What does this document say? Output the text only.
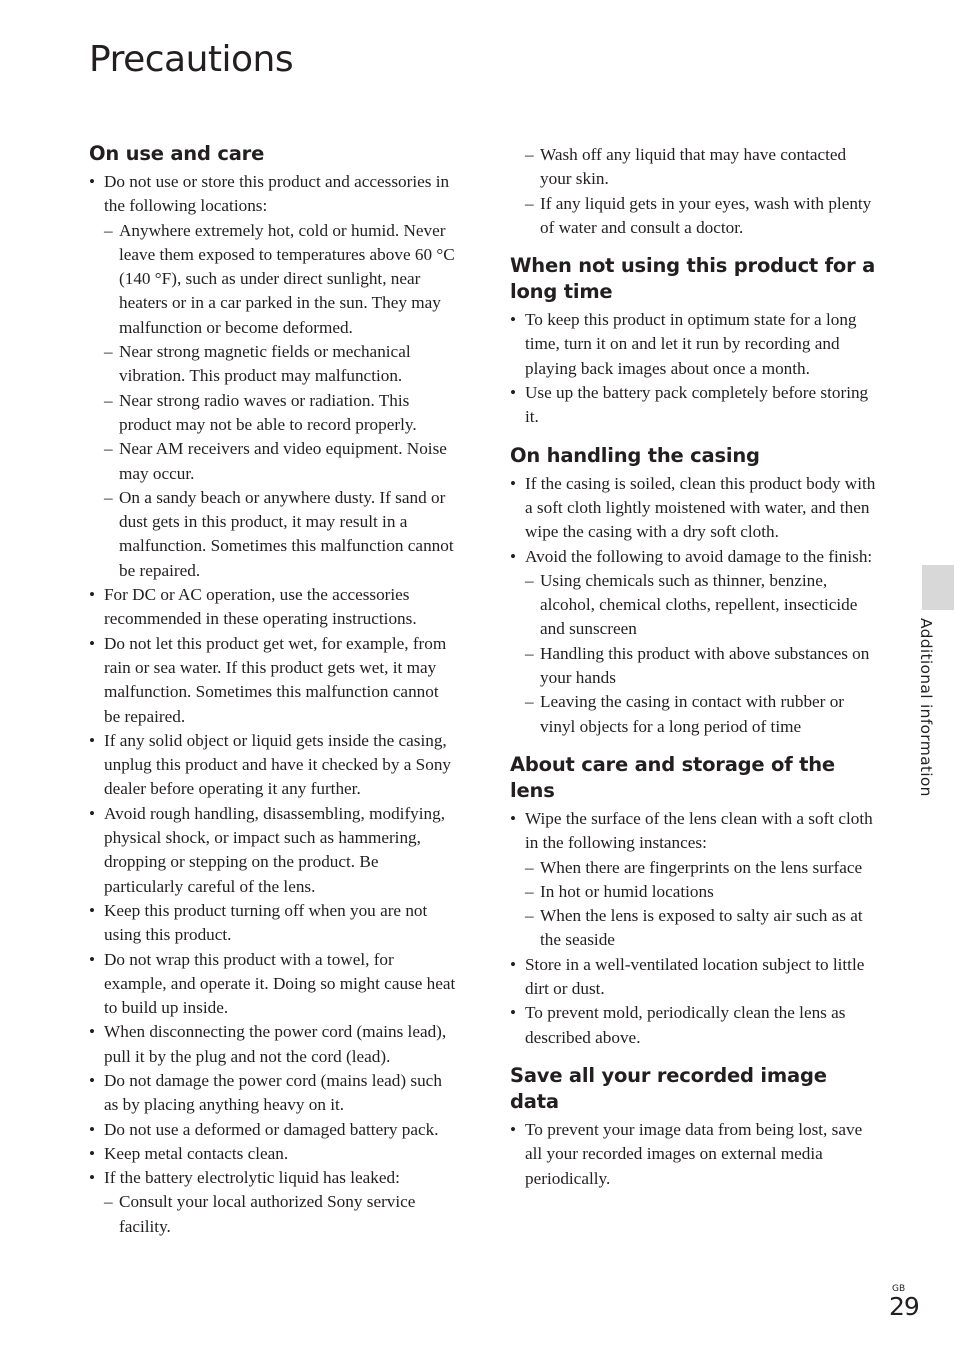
Precautions
On use and care
• Do not use or store this product and accessories in the following locations:
– Anywhere extremely hot, cold or humid. Never leave them exposed to temperatures above 60 °C (140 °F), such as under direct sunlight, near heaters or in a car parked in the sun. They may malfunction or become deformed.
– Near strong magnetic fields or mechanical vibration. This product may malfunction.
– Near strong radio waves or radiation. This product may not be able to record properly.
– Near AM receivers and video equipment. Noise may occur.
– On a sandy beach or anywhere dusty. If sand or dust gets in this product, it may result in a malfunction. Sometimes this malfunction cannot be repaired.
• For DC or AC operation, use the accessories recommended in these operating instructions.
• Do not let this product get wet, for example, from rain or sea water. If this product gets wet, it may malfunction. Sometimes this malfunction cannot be repaired.
• If any solid object or liquid gets inside the casing, unplug this product and have it checked by a Sony dealer before operating it any further.
• Avoid rough handling, disassembling, modifying, physical shock, or impact such as hammering, dropping or stepping on the product. Be particularly careful of the lens.
• Keep this product turning off when you are not using this product.
• Do not wrap this product with a towel, for example, and operate it. Doing so might cause heat to build up inside.
• When disconnecting the power cord (mains lead), pull it by the plug and not the cord (lead).
• Do not damage the power cord (mains lead) such as by placing anything heavy on it.
• Do not use a deformed or damaged battery pack.
• Keep metal contacts clean.
• If the battery electrolytic liquid has leaked:
– Consult your local authorized Sony service facility.
– Wash off any liquid that may have contacted your skin.
– If any liquid gets in your eyes, wash with plenty of water and consult a doctor.
When not using this product for a long time
• To keep this product in optimum state for a long time, turn it on and let it run by recording and playing back images about once a month.
• Use up the battery pack completely before storing it.
On handling the casing
• If the casing is soiled, clean this product body with a soft cloth lightly moistened with water, and then wipe the casing with a dry soft cloth.
• Avoid the following to avoid damage to the finish:
– Using chemicals such as thinner, benzine, alcohol, chemical cloths, repellent, insecticide and sunscreen
– Handling this product with above substances on your hands
– Leaving the casing in contact with rubber or vinyl objects for a long period of time
About care and storage of the lens
• Wipe the surface of the lens clean with a soft cloth in the following instances:
– When there are fingerprints on the lens surface
– In hot or humid locations
– When the lens is exposed to salty air such as at the seaside
• Store in a well-ventilated location subject to little dirt or dust.
• To prevent mold, periodically clean the lens as described above.
Save all your recorded image data
• To prevent your image data from being lost, save all your recorded images on external media periodically.
Additional information
GB
29
